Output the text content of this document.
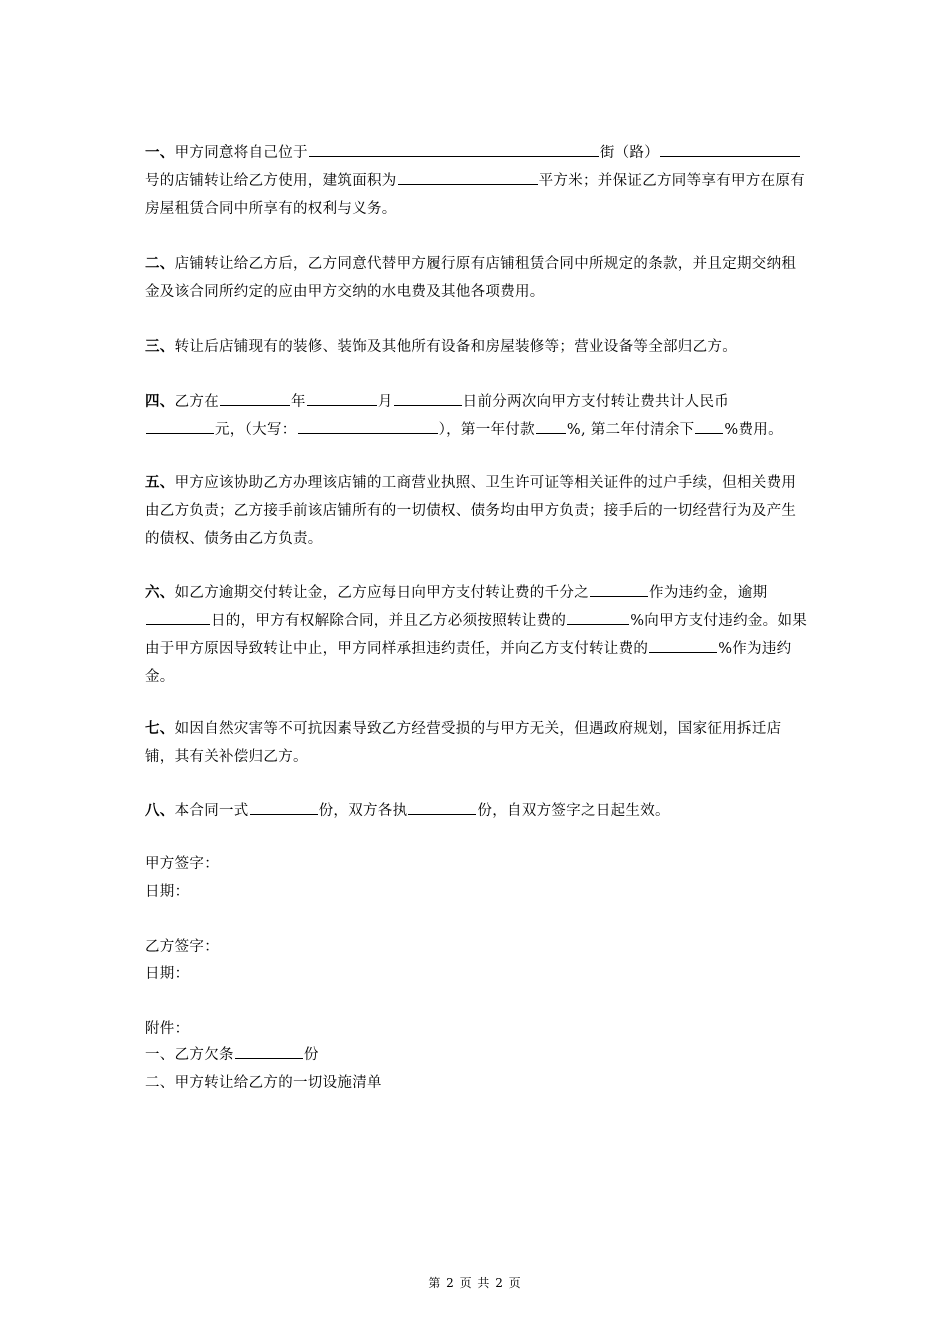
一、甲方同意将自己位于	街（路）号的店铺转让给乙方使用，建筑面积为	平方米；并保证乙方同等享有甲方在原有房屋租赁合同中所享有的权利与义务。
二、店铺转让给乙方后，乙方同意代替甲方履行原有店铺租赁合同中所规定的条款，并且定期交纳租金及该合同所约定的应由甲方交纳的水电费及其他各项费用。
三、转让后店铺现有的装修、装饰及其他所有设备和房屋装修等；营业设备等全部归乙方。
四、乙方在	年	月	日前分两次向甲方支付转让费共计人民币
元，（大写：	），第一年付款 %, 第二年付清余下 %费用。
五、甲方应该协助乙方办理该店铺的工商营业执照、卫生许可证等相关证件的过户手续，但相关费用由乙方负责；乙方接手前该店铺所有的一切债权、债务均由甲方负责；接手后的一切经营行为及产生的债权、债务由乙方负责。
六、如乙方逾期交付转让金，乙方应每日向甲方支付转让费的千分之	作为违约金，逾期日的，甲方有权解除合同，并且乙方必须按照转让费的	%向甲方支付违约金。如果由于甲方原因导致转让中止，甲方同样承担违约责任，并向乙方支付转让费的	%作为违约金。
七、如因自然灾害等不可抗因素导致乙方经营受损的与甲方无关，但遇政府规划，国家征用拆迁店铺，其有关补偿归乙方。
八、本合同一式	份，双方各执	份，自双方签字之日起生效。
甲方签字：
日期：
乙方签字：
日期：
附件：
一、乙方欠条	份
二、甲方转让给乙方的一切设施清单
第 2 页 共 2 页
